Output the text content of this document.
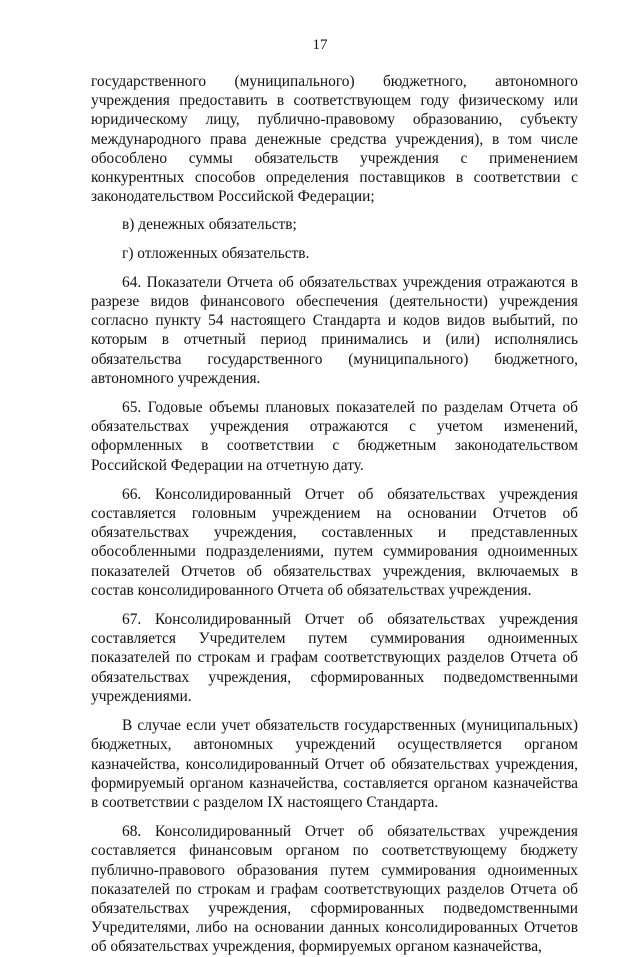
17

государственного (муниципального) бюджетного, автономного учреждения предоставить в соответствующем году физическому или юридическому лицу, публично-правовому образованию, субъекту международного права денежные средства учреждения), в том числе обособлено суммы обязательств учреждения с применением конкурентных способов определения поставщиков в соответствии с законодательством Российской Федерации;

в) денежных обязательств;

г) отложенных обязательств.

64. Показатели Отчета об обязательствах учреждения отражаются в разрезе видов финансового обеспечения (деятельности) учреждения согласно пункту 54 настоящего Стандарта и кодов видов выбытий, по которым в отчетный период принимались и (или) исполнялись обязательства государственного (муниципального) бюджетного, автономного учреждения.

65. Годовые объемы плановых показателей по разделам Отчета об обязательствах учреждения отражаются с учетом изменений, оформленных в соответствии с бюджетным законодательством Российской Федерации на отчетную дату.

66. Консолидированный Отчет об обязательствах учреждения составляется головным учреждением на основании Отчетов об обязательствах учреждения, составленных и представленных обособленными подразделениями, путем суммирования одноименных показателей Отчетов об обязательствах учреждения, включаемых в состав консолидированного Отчета об обязательствах учреждения.

67. Консолидированный Отчет об обязательствах учреждения составляется Учредителем путем суммирования одноименных показателей по строкам и графам соответствующих разделов Отчета об обязательствах учреждения, сформированных подведомственными учреждениями.

В случае если учет обязательств государственных (муниципальных) бюджетных, автономных учреждений осуществляется органом казначейства, консолидированный Отчет об обязательствах учреждения, формируемый органом казначейства, составляется органом казначейства в соответствии с разделом IX настоящего Стандарта.

68. Консолидированный Отчет об обязательствах учреждения составляется финансовым органом по соответствующему бюджету публично-правового образования путем суммирования одноименных показателей по строкам и графам соответствующих разделов Отчета об обязательствах учреждения, сформированных подведомственными Учредителями, либо на основании данных консолидированных Отчетов об обязательствах учреждения, формируемых органом казначейства,
